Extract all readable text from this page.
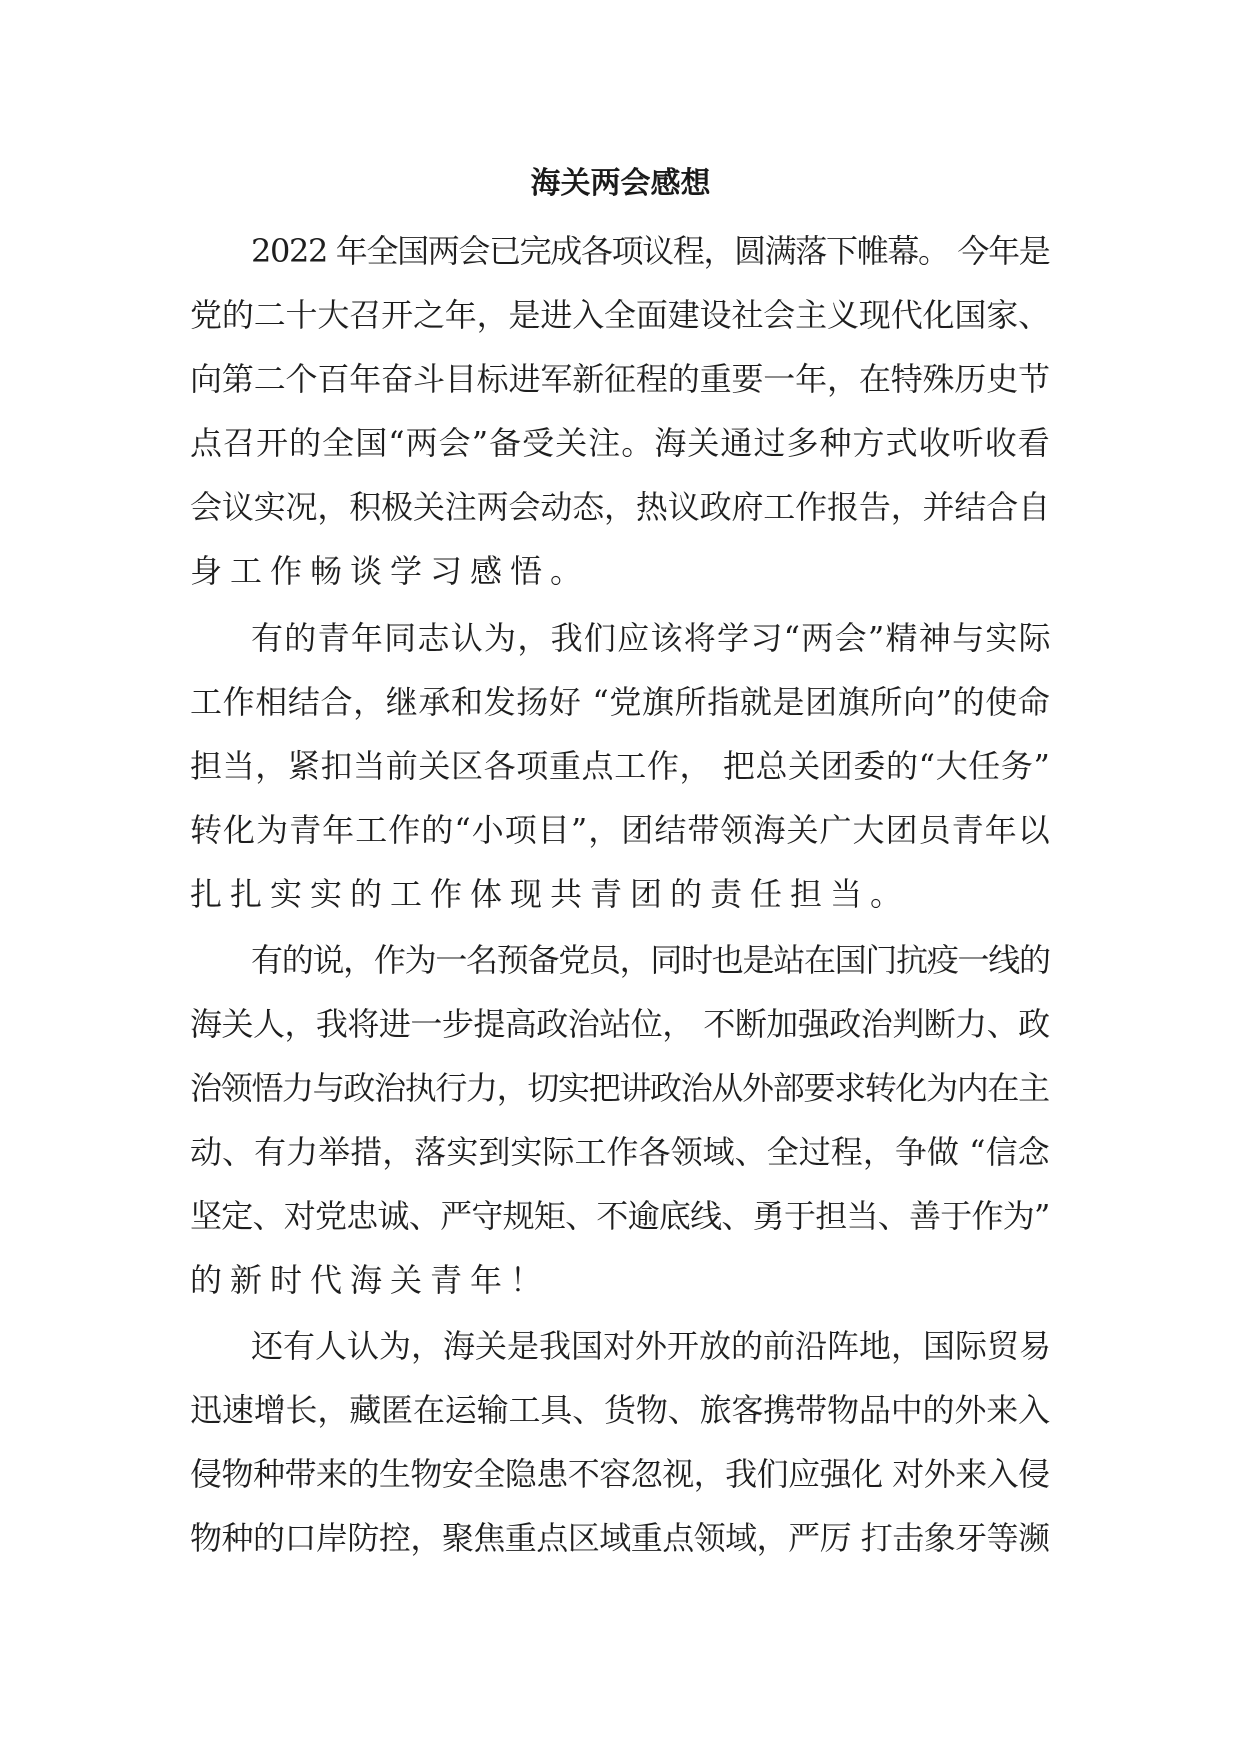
海关两会感想

2022 年全国两会已完成各项议程，圆满落下帷幕。 今年是

党的二十大召开之年，是进入全面建设社会主义现代化国家、

向第二个百年奋斗目标进军新征程的重要一年，在特殊历史节

点召开的全国“两会”备受关注。海关通过多种方式收听收看

会议实况，积极关注两会动态，热议政府工作报告，并结合自

身工作畅谈学习感悟。

有的青年同志认为，我们应该将学习“两会”精神与实际

工作相结合，继承和发扬好 “党旗所指就是团旗所向”的使命

担当，紧扣当前关区各项重点工作， 把总关团委的“大任务”

转化为青年工作的“小项目”，团结带领海关广大团员青年以

扎扎实实的工作体现共青团的责任担当。

有的说，作为一名预备党员，同时也是站在国门抗疫一线的

海关人，我将进一步提高政治站位， 不断加强政治判断力、政

治领悟力与政治执行力，切实把讲政治从外部要求转化为内在主

动、有力举措，落实到实际工作各领域、全过程，争做 “信念

坚定、对党忠诚、严守规矩、不逾底线、勇于担当、善于作为”

的新时代海关青年！

还有人认为，海关是我国对外开放的前沿阵地，国际贸易

迅速增长，藏匿在运输工具、货物、旅客携带物品中的外来入

侵物种带来的生物安全隐患不容忽视，我们应强化 对外来入侵

物种的口岸防控，聚焦重点区域重点领域，严厉 打击象牙等濒
